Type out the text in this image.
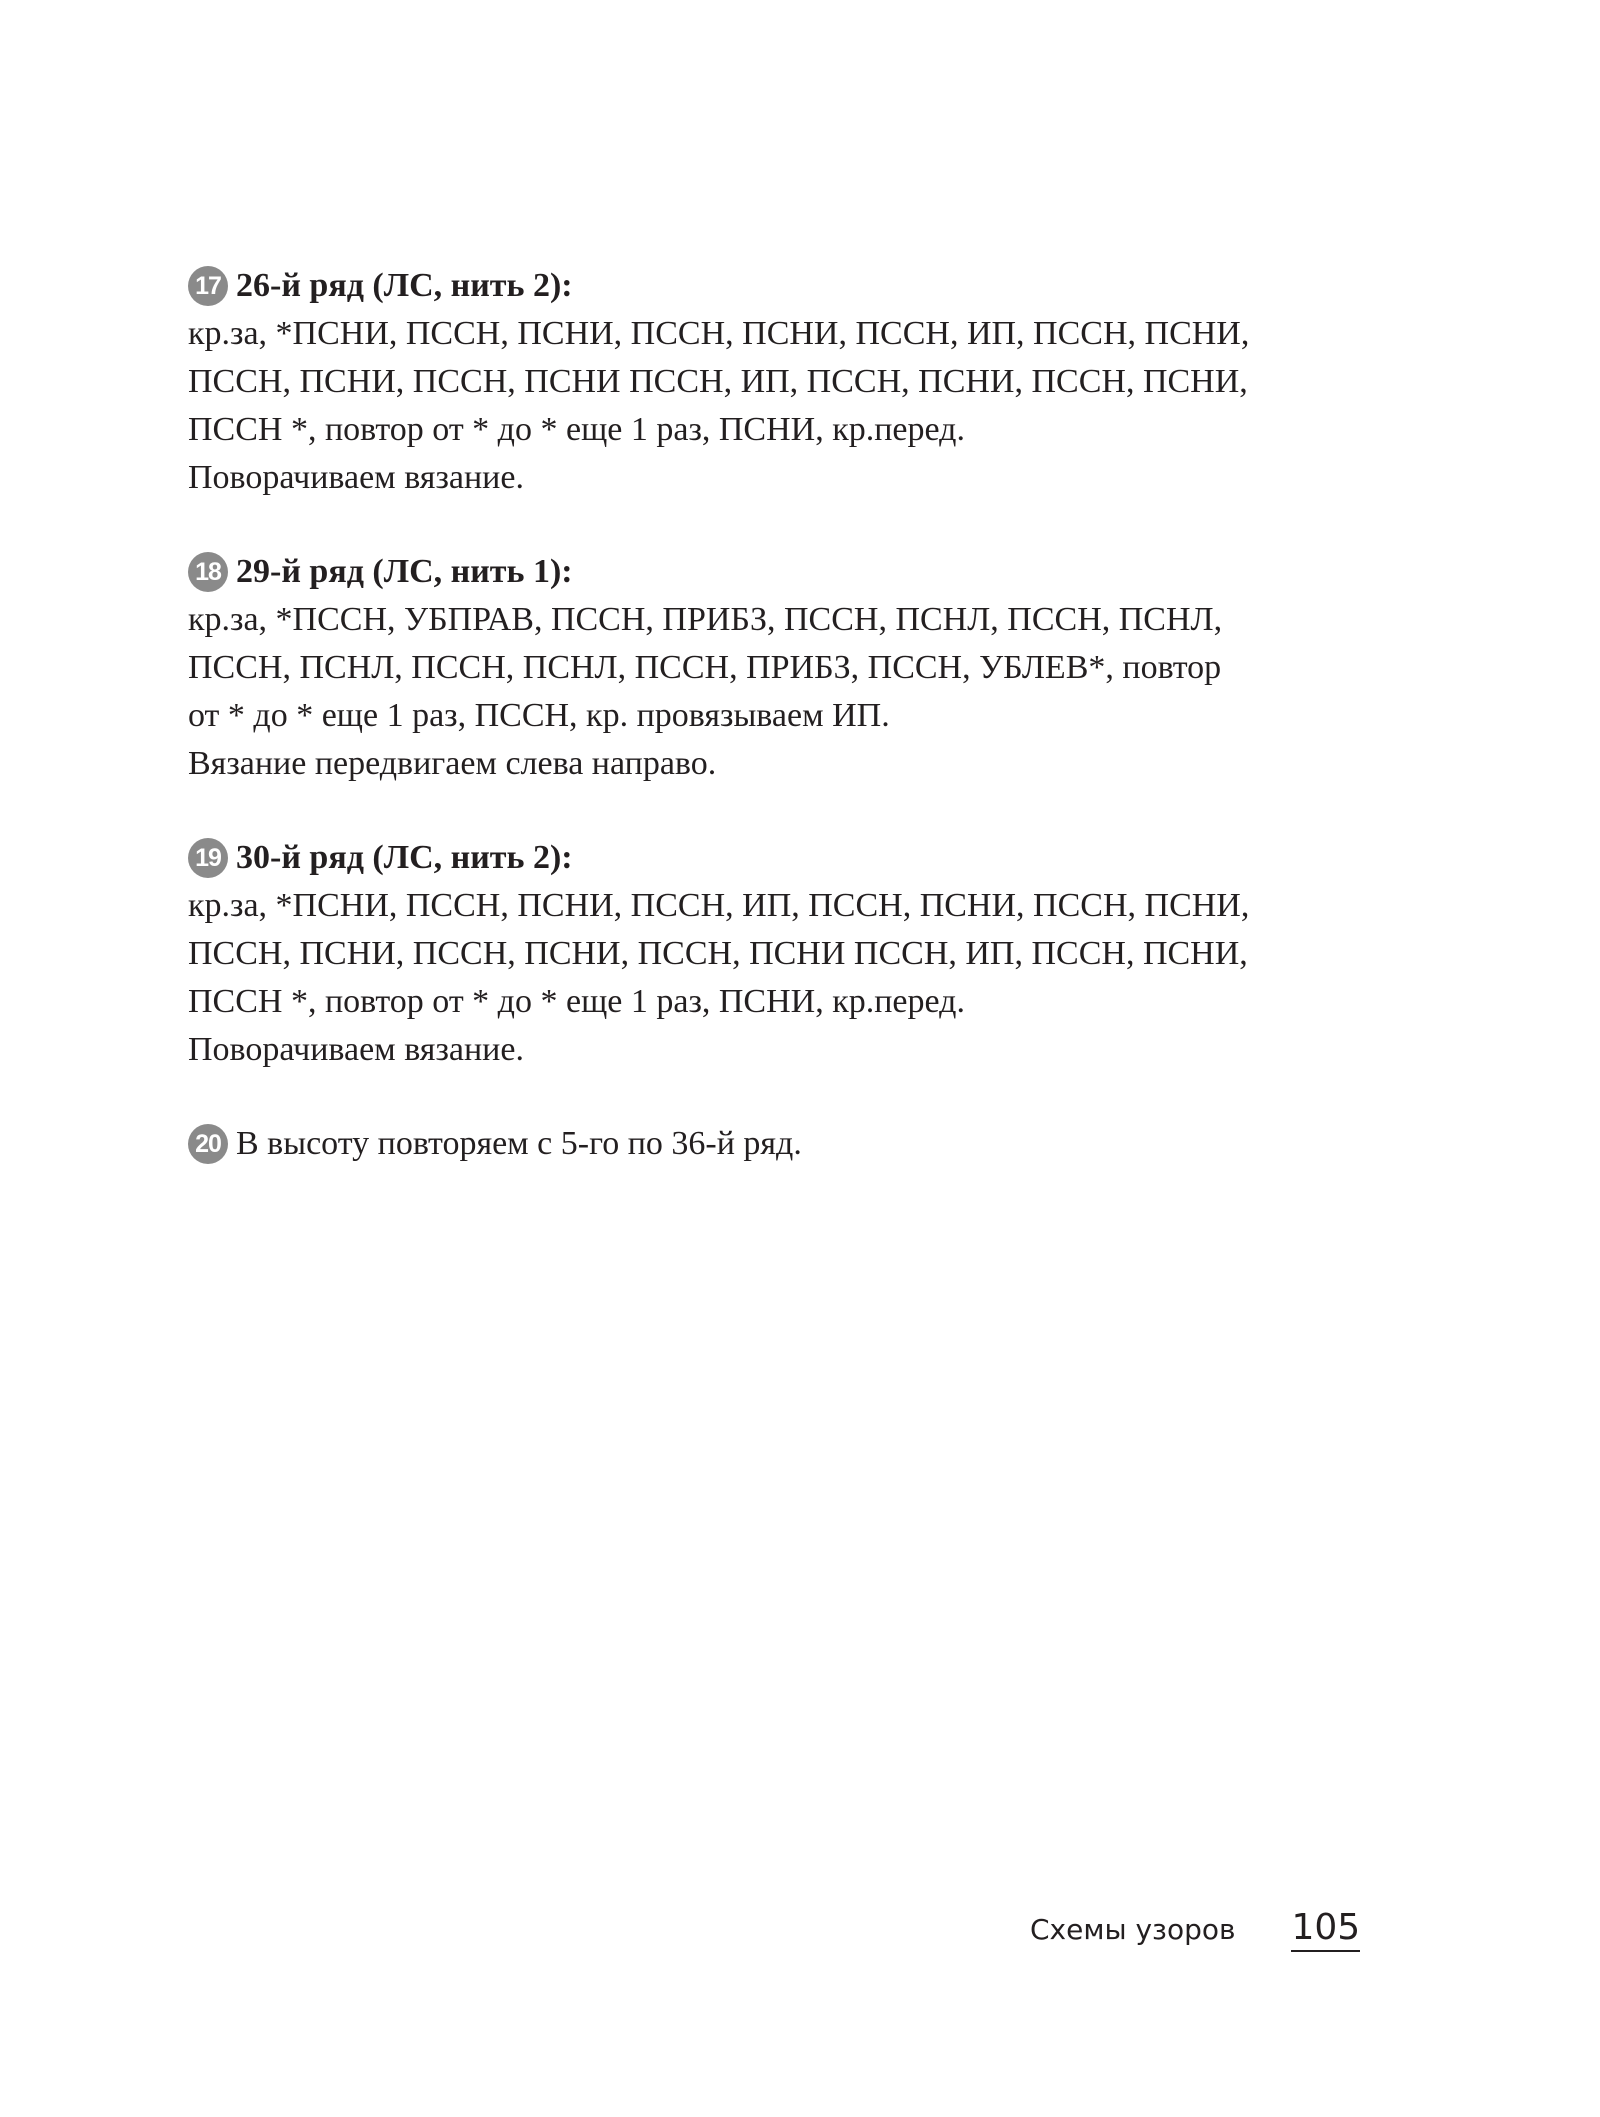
17 26-й ряд (ЛС, нить 2):
кр.за, *ПСНИ, ПССН, ПСНИ, ПССН, ПСНИ, ПССН, ИП, ПССН, ПСНИ,
ПССН, ПСНИ, ПССН, ПСНИ ПССН, ИП, ПССН, ПСНИ, ПССН, ПСНИ,
ПССН *, повтор от * до * еще 1 раз, ПСНИ, кр.перед.
Поворачиваем вязание.
18 29-й ряд (ЛС, нить 1):
кр.за, *ПССН, УБПРАВ, ПССН, ПРИБЗ, ПССН, ПСНЛ, ПССН, ПСНЛ,
ПССН, ПСНЛ, ПССН, ПСНЛ, ПССН, ПРИБЗ, ПССН, УБЛЕВ*, повтор
от * до * еще 1 раз, ПССН, кр. провязываем ИП.
Вязание передвигаем слева направо.
19 30-й ряд (ЛС, нить 2):
кр.за, *ПСНИ, ПССН, ПСНИ, ПССН, ИП, ПССН, ПСНИ, ПССН, ПСНИ,
ПССН, ПСНИ, ПССН, ПСНИ, ПССН, ПСНИ ПССН, ИП, ПССН, ПСНИ,
ПССН *, повтор от * до * еще 1 раз, ПСНИ, кр.перед.
Поворачиваем вязание.
20 В высоту повторяем с 5-го по 36-й ряд.
Схемы узоров 105
